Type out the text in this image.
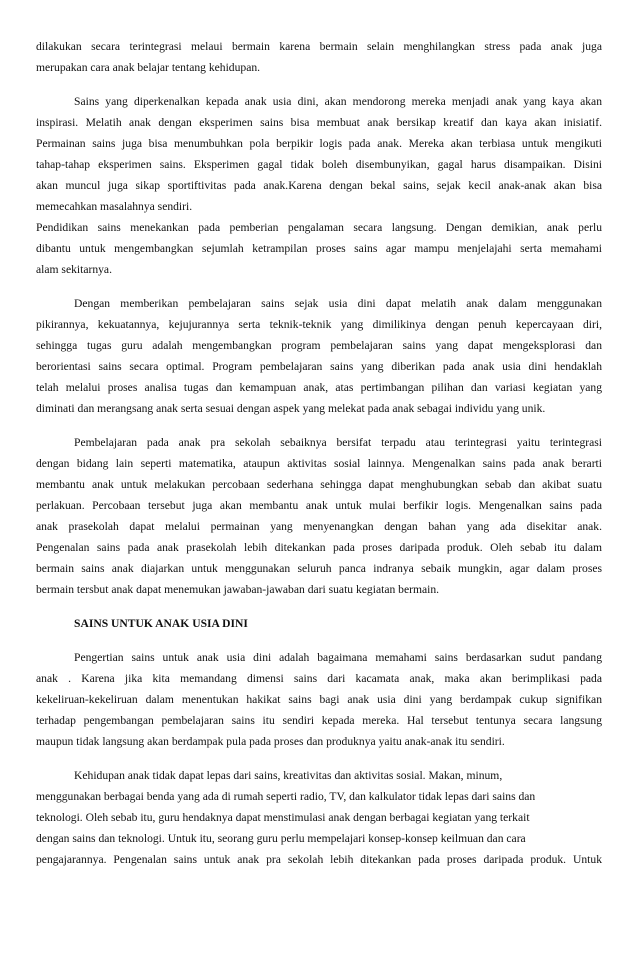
dilakukan secara terintegrasi melaui bermain karena bermain selain menghilangkan stress pada anak juga
merupakan cara anak belajar tentang kehidupan.
Sains yang diperkenalkan kepada anak usia dini, akan mendorong mereka menjadi anak yang kaya akan
inspirasi. Melatih anak dengan eksperimen sains bisa membuat anak bersikap kreatif dan kaya akan inisiatif.
Permainan sains juga bisa menumbuhkan pola berpikir logis pada anak. Mereka akan terbiasa untuk mengikuti
tahap-tahap eksperimen sains. Eksperimen gagal tidak boleh disembunyikan, gagal harus disampaikan. Disini
akan muncul juga sikap sportiftivitas pada anak.Karena dengan bekal sains, sejak kecil anak-anak akan bisa
memecahkan masalahnya sendiri.
Pendidikan sains menekankan pada pemberian pengalaman secara langsung. Dengan demikian, anak perlu
dibantu untuk mengembangkan sejumlah ketrampilan proses sains agar mampu menjelajahi serta memahami
alam sekitarnya.
Dengan memberikan pembelajaran sains sejak usia dini dapat melatih anak dalam menggunakan
pikirannya, kekuatannya, kejujurannya serta teknik-teknik yang dimilikinya dengan penuh kepercayaan diri,
sehingga tugas guru adalah mengembangkan program pembelajaran sains yang dapat mengeksplorasi dan
berorientasi sains secara optimal. Program pembelajaran sains yang diberikan pada anak usia dini hendaklah
telah melalui proses analisa tugas dan kemampuan anak, atas pertimbangan pilihan dan variasi kegiatan yang
diminati dan merangsang anak serta sesuai dengan aspek yang melekat pada anak sebagai individu yang unik.
Pembelajaran pada anak pra sekolah sebaiknya bersifat terpadu atau terintegrasi yaitu terintegrasi
dengan bidang lain seperti matematika, ataupun aktivitas sosial lainnya. Mengenalkan sains pada anak berarti
membantu anak untuk melakukan percobaan sederhana sehingga dapat menghubungkan sebab dan akibat suatu
perlakuan. Percobaan tersebut juga akan membantu anak untuk mulai berfikir logis. Mengenalkan sains pada
anak prasekolah dapat melalui permainan yang menyenangkan dengan bahan yang ada disekitar anak.
Pengenalan sains pada anak prasekolah lebih ditekankan pada proses daripada produk. Oleh sebab itu dalam
bermain sains anak diajarkan untuk menggunakan seluruh panca indranya sebaik mungkin, agar dalam proses
bermain tersbut anak dapat menemukan jawaban-jawaban dari suatu kegiatan bermain.
SAINS UNTUK ANAK USIA DINI
Pengertian sains untuk anak usia dini adalah bagaimana memahami sains berdasarkan sudut pandang
anak . Karena jika kita memandang dimensi sains dari kacamata anak, maka akan berimplikasi pada
kekeliruan-kekeliruan dalam menentukan hakikat sains bagi anak usia dini yang berdampak cukup signifikan
terhadap pengembangan pembelajaran sains itu sendiri kepada mereka. Hal tersebut tentunya secara langsung
maupun tidak langsung akan berdampak pula pada proses dan produknya yaitu anak-anak itu sendiri.
Kehidupan anak tidak dapat lepas dari sains, kreativitas dan aktivitas sosial. Makan, minum,
menggunakan berbagai benda yang ada di rumah seperti radio, TV, dan kalkulator tidak lepas dari sains dan
teknologi. Oleh sebab itu, guru hendaknya dapat menstimulasi anak dengan berbagai kegiatan yang terkait
dengan sains dan teknologi. Untuk itu, seorang guru perlu mempelajari konsep-konsep keilmuan dan cara
pengajarannya. Pengenalan sains untuk anak pra sekolah lebih ditekankan pada proses daripada produk. Untuk
